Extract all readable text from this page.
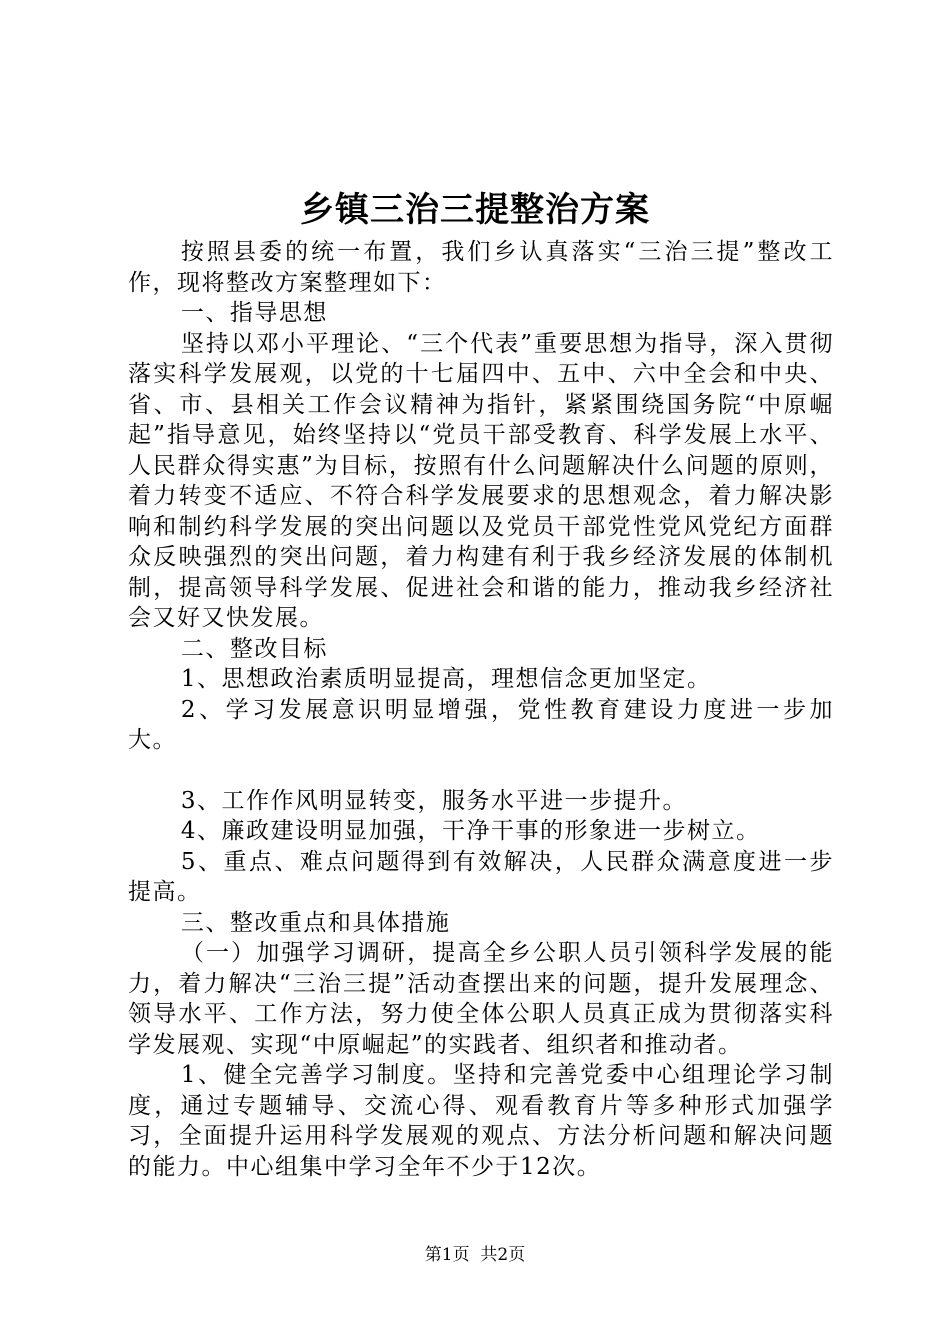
乡镇三治三提整治方案

按照县委的统一布置，我们乡认真落实“三治三提”整改工作，现将整改方案整理如下：

一、指导思想

坚持以邓小平理论、“三个代表”重要思想为指导，深入贯彻落实科学发展观，以党的十七届四中、五中、六中全会和中央、省、市、县相关工作会议精神为指针，紧紧围绕国务院“中原崛起”指导意见，始终坚持以“党员干部受教育、科学发展上水平、人民群众得实惠”为目标，按照有什么问题解决什么问题的原则，着力转变不适应、不符合科学发展要求的思想观念，着力解决影响和制约科学发展的突出问题以及党员干部党性党风党纪方面群众反映强烈的突出问题，着力构建有利于我乡经济发展的体制机制，提高领导科学发展、促进社会和谐的能力，推动我乡经济社会又好又快发展。

二、整改目标

1、思想政治素质明显提高，理想信念更加坚定。

2、学习发展意识明显增强，党性教育建设力度进一步加大。

3、工作作风明显转变，服务水平进一步提升。

4、廉政建设明显加强，干净干事的形象进一步树立。

5、重点、难点问题得到有效解决，人民群众满意度进一步提高。

三、整改重点和具体措施

（一）加强学习调研，提高全乡公职人员引领科学发展的能力，着力解决“三治三提”活动查摆出来的问题，提升发展理念、领导水平、工作方法，努力使全体公职人员真正成为贯彻落实科学发展观、实现“中原崛起”的实践者、组织者和推动者。

1、健全完善学习制度。坚持和完善党委中心组理论学习制度，通过专题辅导、交流心得、观看教育片等多种形式加强学习，全面提升运用科学发展观的观点、方法分析问题和解决问题的能力。中心组集中学习全年不少于12次。

第1页  共2页
